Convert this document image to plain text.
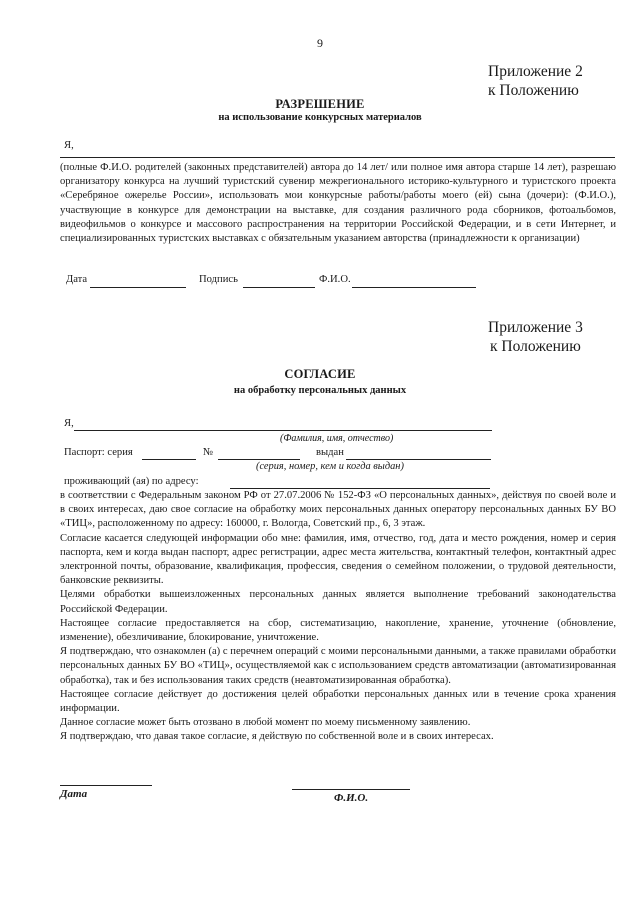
9
Приложение 2
к Положению
РАЗРЕШЕНИЕ
на использование конкурсных материалов
Я,
(полные Ф.И.О. родителей (законных представителей) автора до 14 лет/ или полное имя автора старше 14 лет), разрешаю организатору конкурса на лучший туристский сувенир межрегионального историко-культурного и туристского проекта «Серебряное ожерелье России», использовать мои конкурсные работы/работы моего (ей) сына (дочери): (Ф.И.О.), участвующие в конкурсе для демонстрации на выставке, для создания различного рода сборников, фотоальбомов, видеофильмов о конкурсе и массового распространения на территории Российской Федерации, и в сети Интернет, и специализированных туристских выставках с обязательным указанием авторства (принадлежности к организации)
Дата	Подпись	Ф.И.О.
Приложение 3
к Положению
СОГЛАСИЕ
на обработку персональных данных
Я,
(Фамилия, имя, отчество)
Паспорт: серия	№	выдан
(серия, номер, кем и когда выдан)
проживающий (ая) по адресу:

в соответствии с Федеральным законом РФ от 27.07.2006 № 152-ФЗ «О персональных данных», действуя по своей воле и в своих интересах, даю свое согласие на обработку моих персональных данных оператору персональных данных БУ ВО «ТИЦ», расположенному по адресу: 160000, г. Вологда, Советский пр., 6, 3 этаж.

Согласие касается следующей информации обо мне: фамилия, имя, отчество, год, дата и место рождения, номер и серия паспорта, кем и когда выдан паспорт, адрес регистрации, адрес места жительства, контактный телефон, контактный адрес электронной почты, образование, квалификация, профессия, сведения о семейном положении, о трудовой деятельности, банковские реквизиты.

Целями обработки вышеизложенных персональных данных является выполнение требований законодательства Российской Федерации.

Настоящее согласие предоставляется на сбор, систематизацию, накопление, хранение, уточнение (обновление, изменение), обезличивание, блокирование, уничтожение.

Я подтверждаю, что ознакомлен (а) с перечнем операций с моими персональными данными, а также правилами обработки персональных данных БУ ВО «ТИЦ», осуществляемой как с использованием средств автоматизации (автоматизированная обработка), так и без использования таких средств (неавтоматизированная обработка).

Настоящее согласие действует до достижения целей обработки персональных данных или в течение срока хранения информации.

Данное согласие может быть отозвано в любой момент по моему письменному заявлению.

Я подтверждаю, что давая такое согласие, я действую по собственной воле и в своих интересах.

Дата	Ф.И.О.
